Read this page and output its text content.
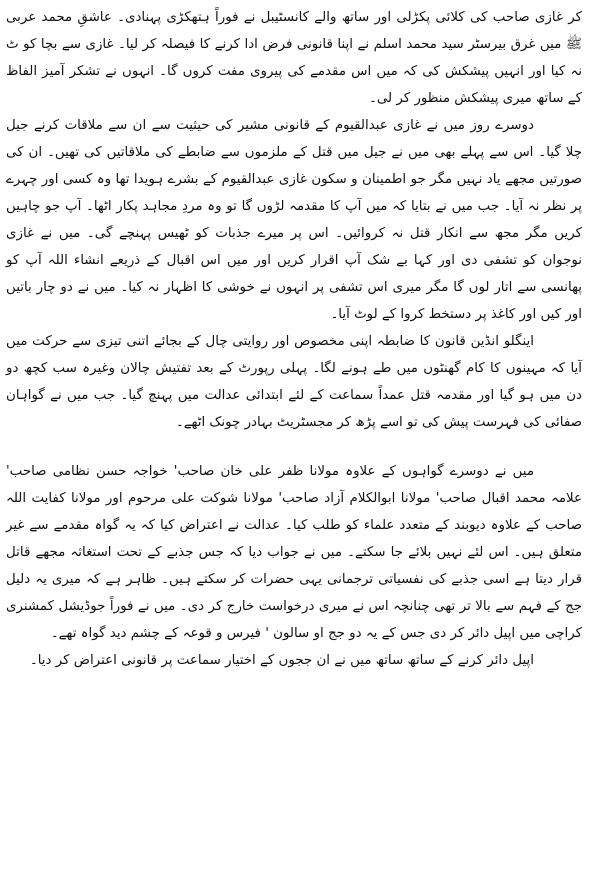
کر غازی صاحب کی کلائی پکڑلی اور ساتھ والے کانسٹیبل نے فوراً ہتھکڑی پہنادی۔ عاشقِ محمد عربی ﷺ میں غرق بیرسٹر سید محمد اسلم نے اپنا قانونی فرض ادا کرنے کا فیصلہ کر لیا۔ غازی سے بچا کو ٹ نہ کیا اور انہیں پیشکش کی کہ میں اس مقدمے کی پیروی مفت کروں گا۔ انہوں نے تشکر آمیز الفاظ کے ساتھ میری پیشکش منظور کر لی۔

دوسرے روز میں نے غازی عبدالقیوم کے قانونی مشیر کی حیثیت سے ان سے ملاقات کرنے جیل چلا گیا۔ اس سے پہلے بھی میں نے جیل میں قتل کے ملزموں سے ضابطے کی ملاقاتیں کی تھیں۔ ان کی صورتیں مجھے یاد نہیں مگر جو اطمینان و سکون غازی عبدالقیوم کے بشرے ہویدا تھا وہ کسی اور چہرے پر نظر نہ آیا۔ جب میں نے بتایا کہ میں آپ کا مقدمہ لڑوں گا تو وہ مردِ مجاہد پکار اٹھا۔ آپ جو چاہیں کریں مگر مجھ سے انکار قتل نہ کروائیں۔ اس پر میرے جذبات کو ٹھیس پہنچے گی۔ میں نے غازی نوجوان کو تشفی دی اور کہا بے شک آپ اقرار کریں اور میں اس اقبال کے ذریعے انشاء اللہ آپ کو پھانسی سے اتار لوں گا مگر میری اس تشفی پر انہوں نے خوشی کا اظہار نہ کیا۔ میں نے دو چار باتیں اور کیں اور کاغذ پر دستخط کروا کے لوٹ آیا۔

اینگلو انڈین قانون کا ضابطہ اپنی مخصوص اور روایتی چال کے بجائے اتنی تیزی سے حرکت میں آیا کہ مہینوں کا کام گھنٹوں میں طے ہونے لگا۔ پہلی رپورٹ کے بعد تفتیش چالان وغیرہ سب کچھ دو دن میں ہو گیا اور مقدمہ قتل عمداً سماعت کے لئے ابتدائی عدالت میں پہنچ گیا۔ جب میں نے گواہان صفائی کی فہرست پیش کی تو اسے پڑھ کر مجسٹریٹ بہادر چونک اٹھے۔

میں نے دوسرے گواہوں کے علاوہ مولانا ظفر علی خان صاحب' خواجہ حسن نظامی صاحب' علامہ محمد اقبال صاحب' مولانا ابوالکلام آزاد صاحب' مولانا شوکت علی مرحوم اور مولانا کفایت اللہ صاحب کے علاوہ دیوبند کے متعدد علماء کو طلب کیا۔ عدالت نے اعتراض کیا کہ یہ گواہ مقدمے سے غیر متعلق ہیں۔ اس لئے نہیں بلائے جا سکتے۔ میں نے جواب دیا کہ جس جذبے کے تحت استغاثہ مجھے قاتل قرار دیتا ہے اسی جذبے کی نفسیاتی ترجمانی یہی حضرات کر سکتے ہیں۔ ظاہر ہے کہ میری یہ دلیل جج کے فہم سے بالا تر تھی چنانچہ اس نے میری درخواست خارج کر دی۔ میں نے فوراً جوڈیشل کمشنری کراچی میں اپیل دائر کر دی جس کے یہ دو جج او سالون ' فیرس و قوعہ کے چشم دید گواہ تھے۔

اپیل دائر کرنے کے ساتھ ساتھ میں نے ان ججوں کے اختیار سماعت پر قانونی اعتراض کر دیا۔
